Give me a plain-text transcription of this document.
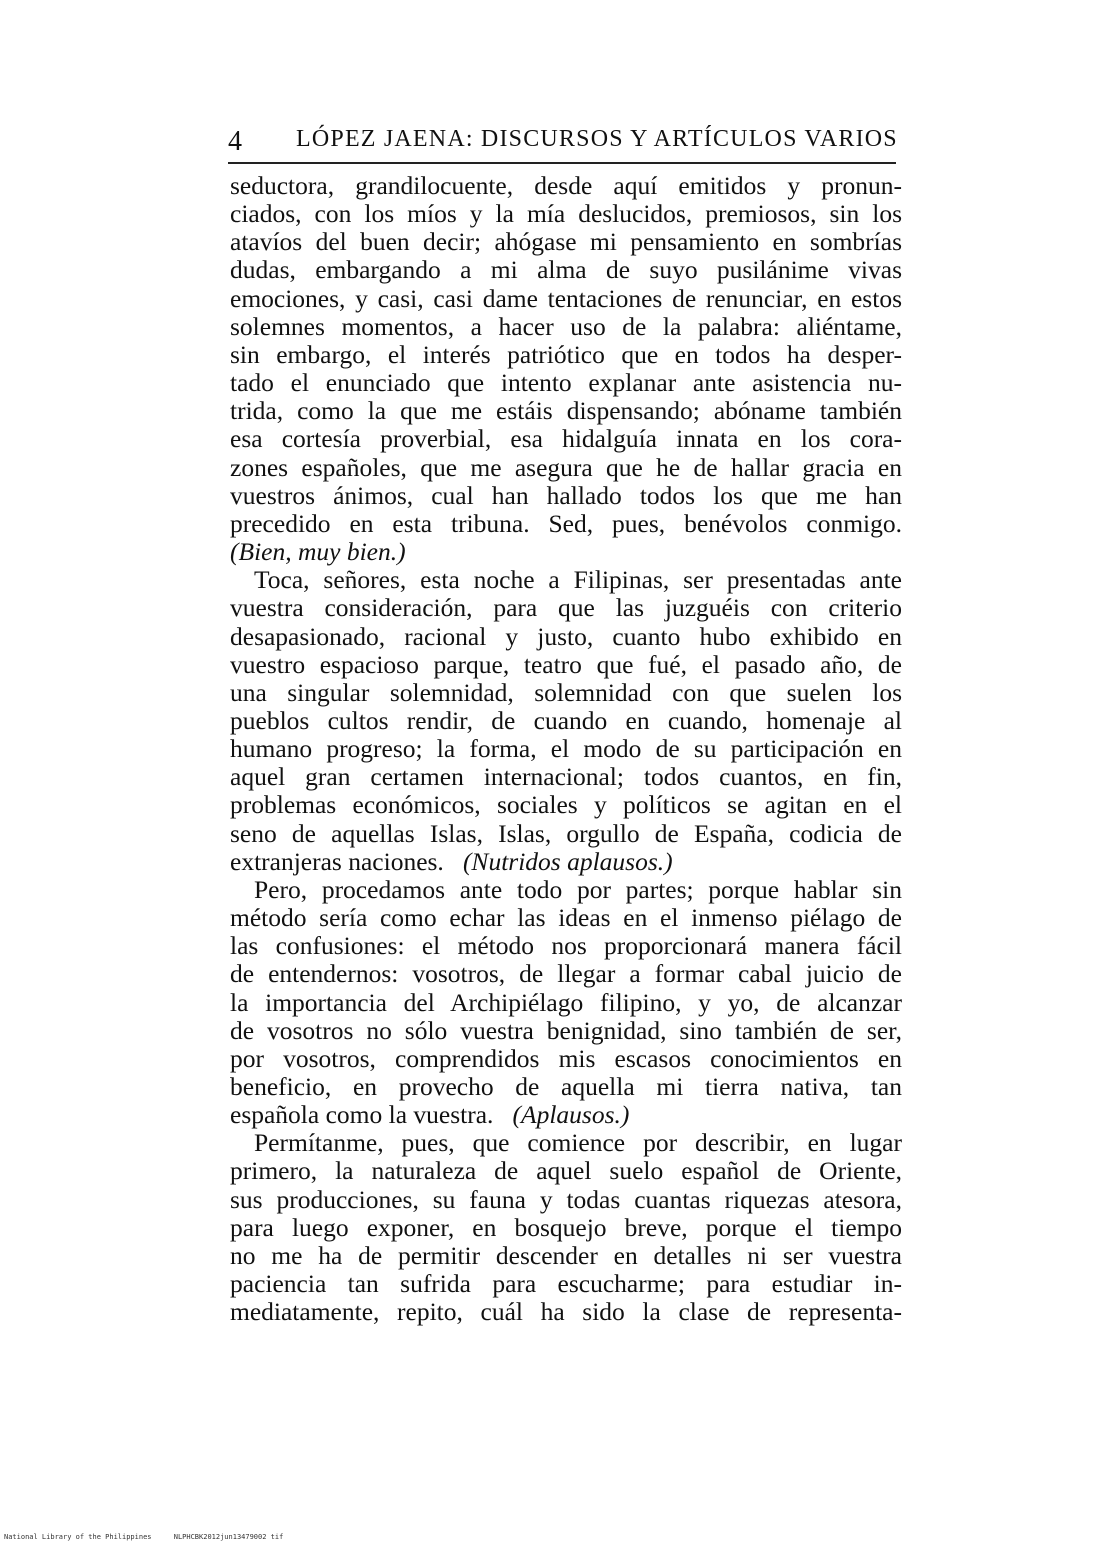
4 LÓPEZ JAENA: DISCURSOS Y ARTÍCULOS VARIOS

seductora, grandilocuente, desde aquí emitidos y pronun-
ciados, con los míos y la mía deslucidos, premiosos, sin los
atavíos del buen decir; ahógase mi pensamiento en sombrías
dudas, embargando a mi alma de suyo pusilánime vivas
emociones, y casi, casi dame tentaciones de renunciar, en estos
solemnes momentos, a hacer uso de la palabra: aliéntame,
sin embargo, el interés patriótico que en todos ha desper-
tado el enunciado que intento explanar ante asistencia nu-
trida, como la que me estáis dispensando; abóname también
esa cortesía proverbial, esa hidalguía innata en los cora-
zones españoles, que me asegura que he de hallar gracia en
vuestros ánimos, cual han hallado todos los que me han
precedido en esta tribuna. Sed, pues, benévolos conmigo.
(Bien, muy bien.)

Toca, señores, esta noche a Filipinas, ser presentadas ante
vuestra consideración, para que las juzguéis con criterio
desapasionado, racional y justo, cuanto hubo exhibido en
vuestro espacioso parque, teatro que fué, el pasado año, de
una singular solemnidad, solemnidad con que suelen los
pueblos cultos rendir, de cuando en cuando, homenaje al
humano progreso; la forma, el modo de su participación en
aquel gran certamen internacional; todos cuantos, en fin,
problemas económicos, sociales y políticos se agitan en el
seno de aquellas Islas, Islas, orgullo de España, codicia de
extranjeras naciones. (Nutridos aplausos.)

Pero, procedamos ante todo por partes; porque hablar sin
método sería como echar las ideas en el inmenso piélago de
las confusiones: el método nos proporcionará manera fácil
de entendernos: vosotros, de llegar a formar cabal juicio de
la importancia del Archipiélago filipino, y yo, de alcanzar
de vosotros no sólo vuestra benignidad, sino también de ser,
por vosotros, comprendidos mis escasos conocimientos en
beneficio, en provecho de aquella mi tierra nativa, tan
española como la vuestra. (Aplausos.)

Permítanme, pues, que comience por describir, en lugar
primero, la naturaleza de aquel suelo español de Oriente,
sus producciones, su fauna y todas cuantas riquezas atesora,
para luego exponer, en bosquejo breve, porque el tiempo
no me ha de permitir descender en detalles ni ser vuestra
paciencia tan sufrida para escucharme; para estudiar in-
mediatamente, repito, cuál ha sido la clase de representa-

National Library of the Philippines	NLPHCBK2012jun13479002 tif
